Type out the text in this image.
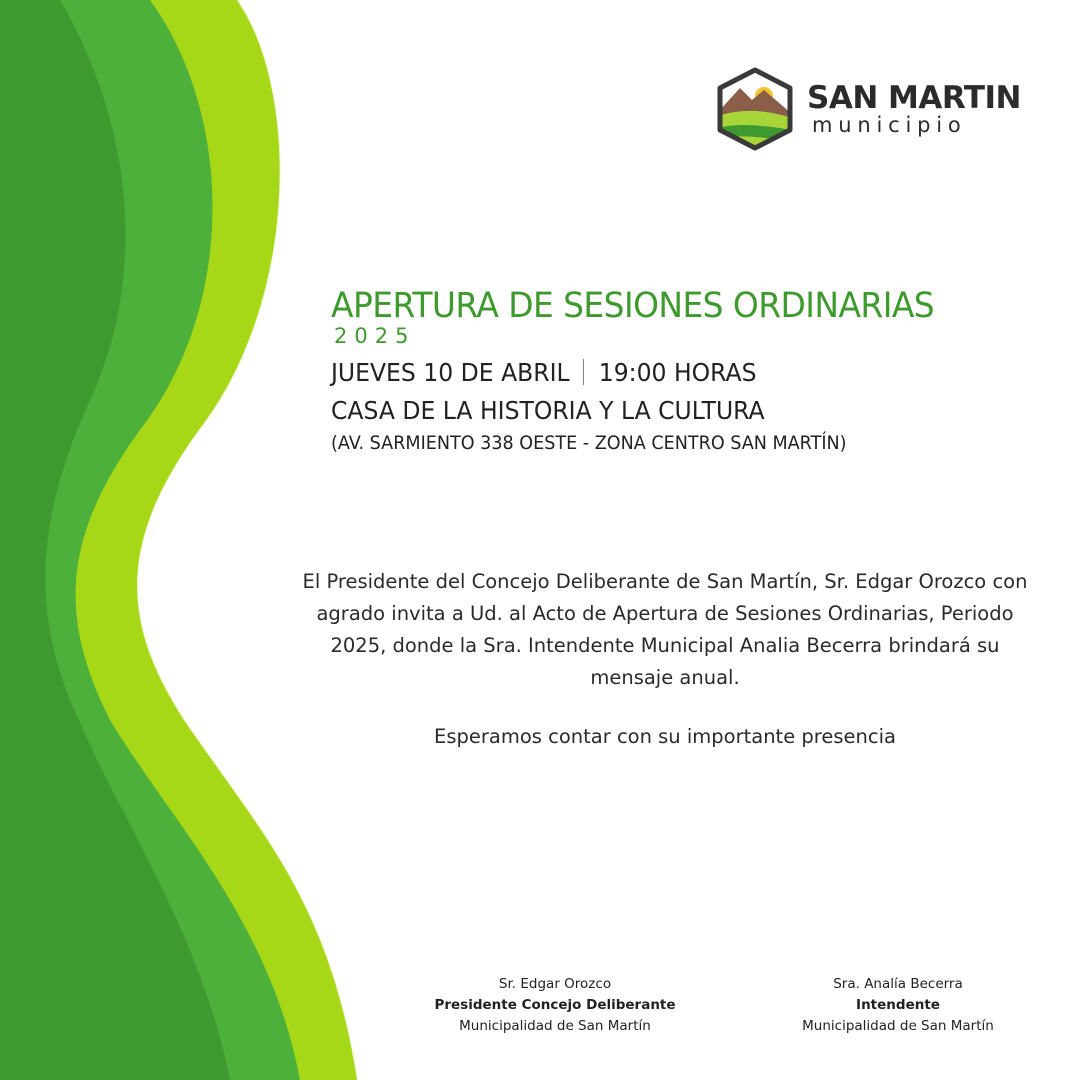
SAN MARTIN
municipio
APERTURA DE SESIONES ORDINARIAS
2025
JUEVES 10 DE ABRIL 19:00 HORAS
CASA DE LA HISTORIA Y LA CULTURA
(AV. SARMIENTO 338 OESTE - ZONA CENTRO SAN MARTÍN)
El Presidente del Concejo Deliberante de San Martín, Sr. Edgar Orozco con agrado invita a Ud. al Acto de Apertura de Sesiones Ordinarias, Periodo 2025, donde la Sra. Intendente Municipal Analia Becerra brindará su mensaje anual.
Esperamos contar con su importante presencia
Sr. Edgar Orozco
Presidente Concejo Deliberante
Municipalidad de San Martín
Sra. Analía Becerra
Intendente
Municipalidad de San Martín
